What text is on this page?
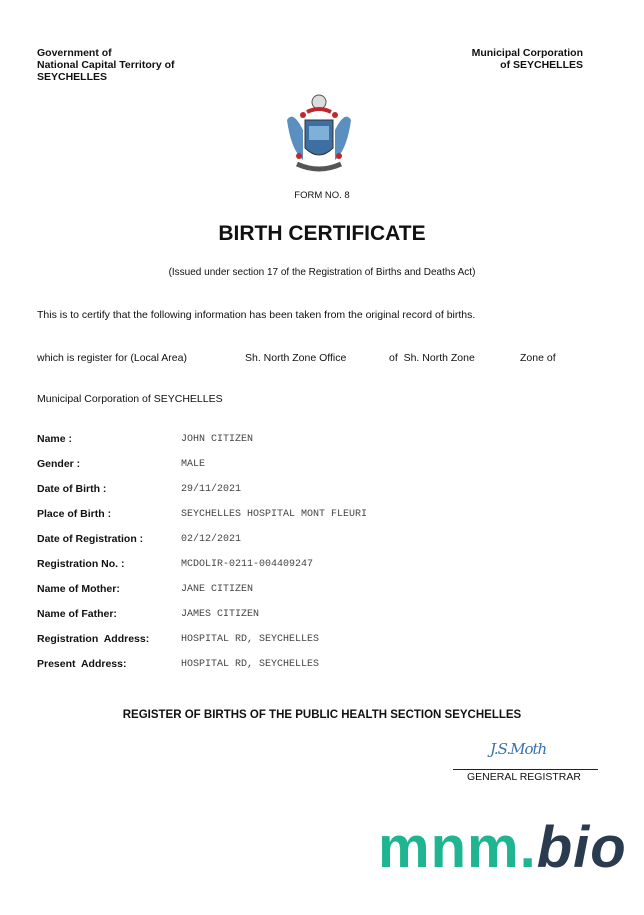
Government of
National Capital Territory of
SEYCHELLES
Municipal Corporation
of SEYCHELLES
FORM NO. 8
BIRTH CERTIFICATE
(Issued under section 17 of the Registration of Births and Deaths Act)
This is to certify that the following information has been taken from the original record of births.
which is register for (Local Area)	Sh. North Zone Office	of  Sh. North Zone	Zone of
Municipal Corporation of SEYCHELLES
Name :	JOHN CITIZEN
Gender :	MALE
Date of Birth :	29/11/2021
Place of Birth :	SEYCHELLES HOSPITAL MONT FLEURI
Date of Registration :	02/12/2021
Registration No. :	MCDOLIR-0211-004409247
Name of Mother:	JANE CITIZEN
Name of Father:	JAMES CITIZEN
Registration  Address:	HOSPITAL RD, SEYCHELLES
Present  Address:	HOSPITAL RD, SEYCHELLES
REGISTER OF BIRTHS OF THE PUBLIC HEALTH SECTION SEYCHELLES
J.S.Moth
GENERAL REGISTRAR
mnm.bio
